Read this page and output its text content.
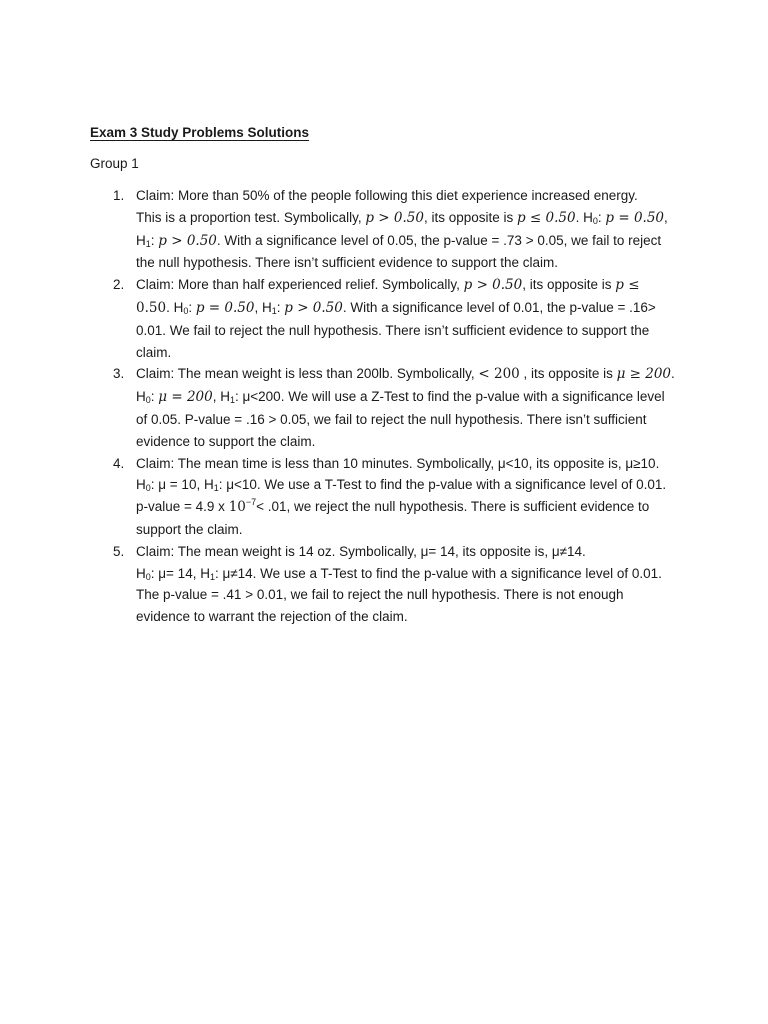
Exam 3 Study Problems Solutions
Group 1
1. Claim: More than 50% of the people following this diet experience increased energy.
This is a proportion test. Symbolically, p > 0.50, its opposite is p ≤ 0.50. $H_0$: p = 0.50,
$H_1$: p > 0.50. With a significance level of 0.05, the p-value = .73 > 0.05, we fail to reject
the null hypothesis. There isn’t sufficient evidence to support the claim.
2. Claim: More than half experienced relief. Symbolically, p > 0.50, its opposite is p ≤
0.50. $H_0$: p = 0.50, $H_1$: p > 0.50. With a significance level of 0.01, the p-value = .16>
0.01. We fail to reject the null hypothesis. There isn’t sufficient evidence to support the
claim.
3. Claim: The mean weight is less than 200lb. Symbolically, < 200 , its opposite is μ ≥ 200.
$H_0$: μ = 200, $H_1$: μ<200. We will use a Z-Test to find the p-value with a significance level
of 0.05. P-value = .16 > 0.05, we fail to reject the null hypothesis. There isn’t sufficient
evidence to support the claim.
4. Claim: The mean time is less than 10 minutes. Symbolically, μ<10, its opposite is, μ≥10.
$H_0$: μ = 10, $H_1$: μ<10. We use a T-Test to find the p-value with a significance level of 0.01.
p-value = 4.9 x $10^{-7}< .01$, we reject the null hypothesis. There is sufficient evidence to
support the claim.
5. Claim: The mean weight is 14 oz. Symbolically, μ= 14, its opposite is, μ≠14.
$H_0$: μ= 14, $H_1$: μ≠14. We use a T-Test to find the p-value with a significance level of 0.01.
The p-value = .41 > 0.01, we fail to reject the null hypothesis. There is not enough
evidence to warrant the rejection of the claim.
